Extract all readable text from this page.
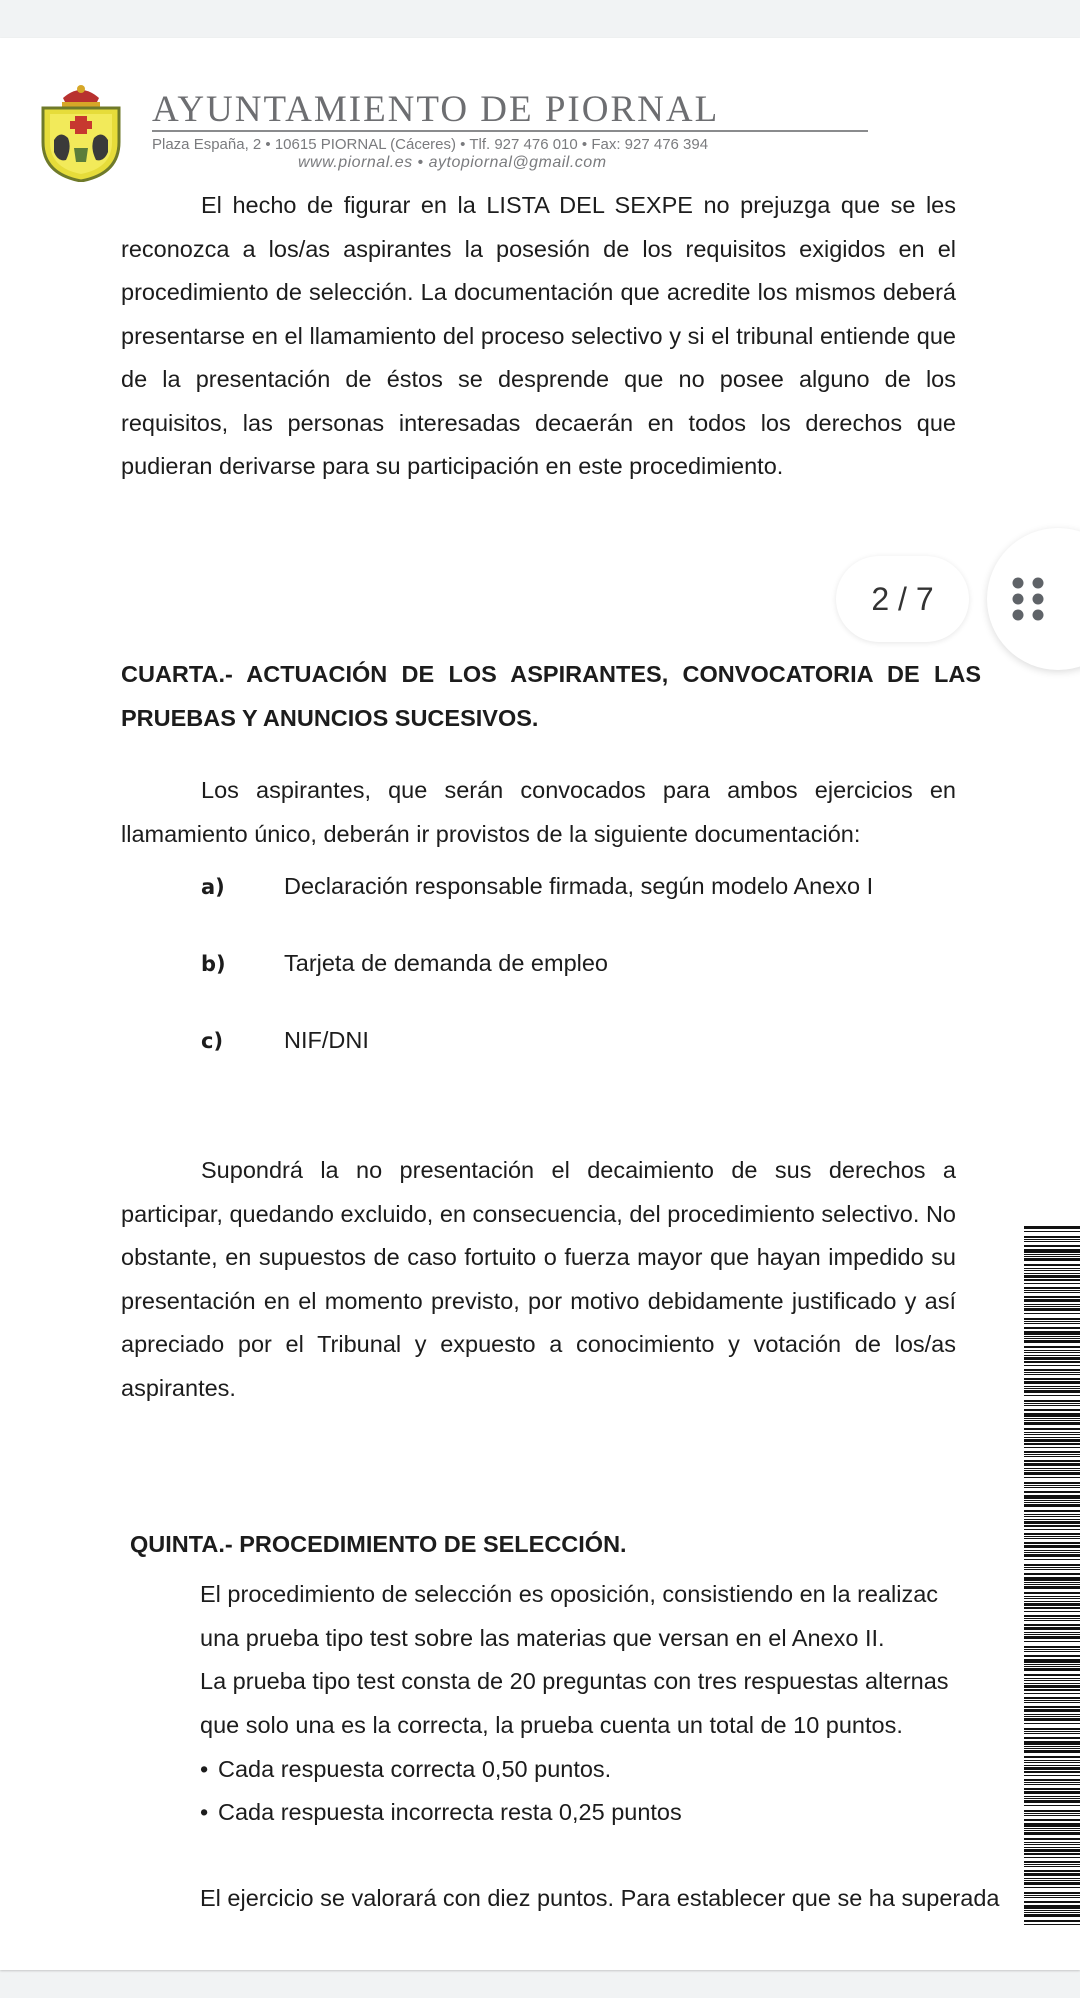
AYUNTAMIENTO DE PIORNAL
Plaza España, 2 • 10615 PIORNAL (Cáceres) • Tlf. 927 476 010 • Fax: 927 476 394
www.piornal.es • aytopiornal@gmail.com
El hecho de figurar en la LISTA DEL SEXPE no prejuzga que se les reconozca a los/as aspirantes la posesión de los requisitos exigidos en el procedimiento de selección. La documentación que acredite los mismos deberá presentarse en el llamamiento del proceso selectivo y si el tribunal entiende que de la presentación de éstos se desprende que no posee alguno de los requisitos, las personas interesadas decaerán en todos los derechos que pudieran derivarse para su participación en este procedimiento.
CUARTA.- ACTUACIÓN DE LOS ASPIRANTES, CONVOCATORIA DE LAS PRUEBAS Y ANUNCIOS SUCESIVOS.
Los aspirantes, que serán convocados para ambos ejercicios en llamamiento único, deberán ir provistos de la siguiente documentación:
a)	Declaración responsable firmada, según modelo Anexo I
b) Tarjeta de demanda de empleo
c)	NIF/DNI
Supondrá la no presentación el decaimiento de sus derechos a participar, quedando excluido, en consecuencia, del procedimiento selectivo. No obstante, en supuestos de caso fortuito o fuerza mayor que hayan impedido su presentación en el momento previsto, por motivo debidamente justificado y así apreciado por el Tribunal y expuesto a conocimiento y votación de los/as aspirantes.
QUINTA.- PROCEDIMIENTO DE SELECCIÓN.
El procedimiento de selección es oposición, consistiendo en la realizac
una prueba tipo test sobre las materias que versan en el Anexo II.
La prueba tipo test consta de 20 preguntas con tres respuestas alternas
que solo una es la correcta, la prueba cuenta un total de 10 puntos.
• Cada respuesta correcta 0,50 puntos.
• Cada respuesta incorrecta resta 0,25 puntos
El ejercicio se valorará con diez puntos. Para establecer que se ha superada
2 / 7
